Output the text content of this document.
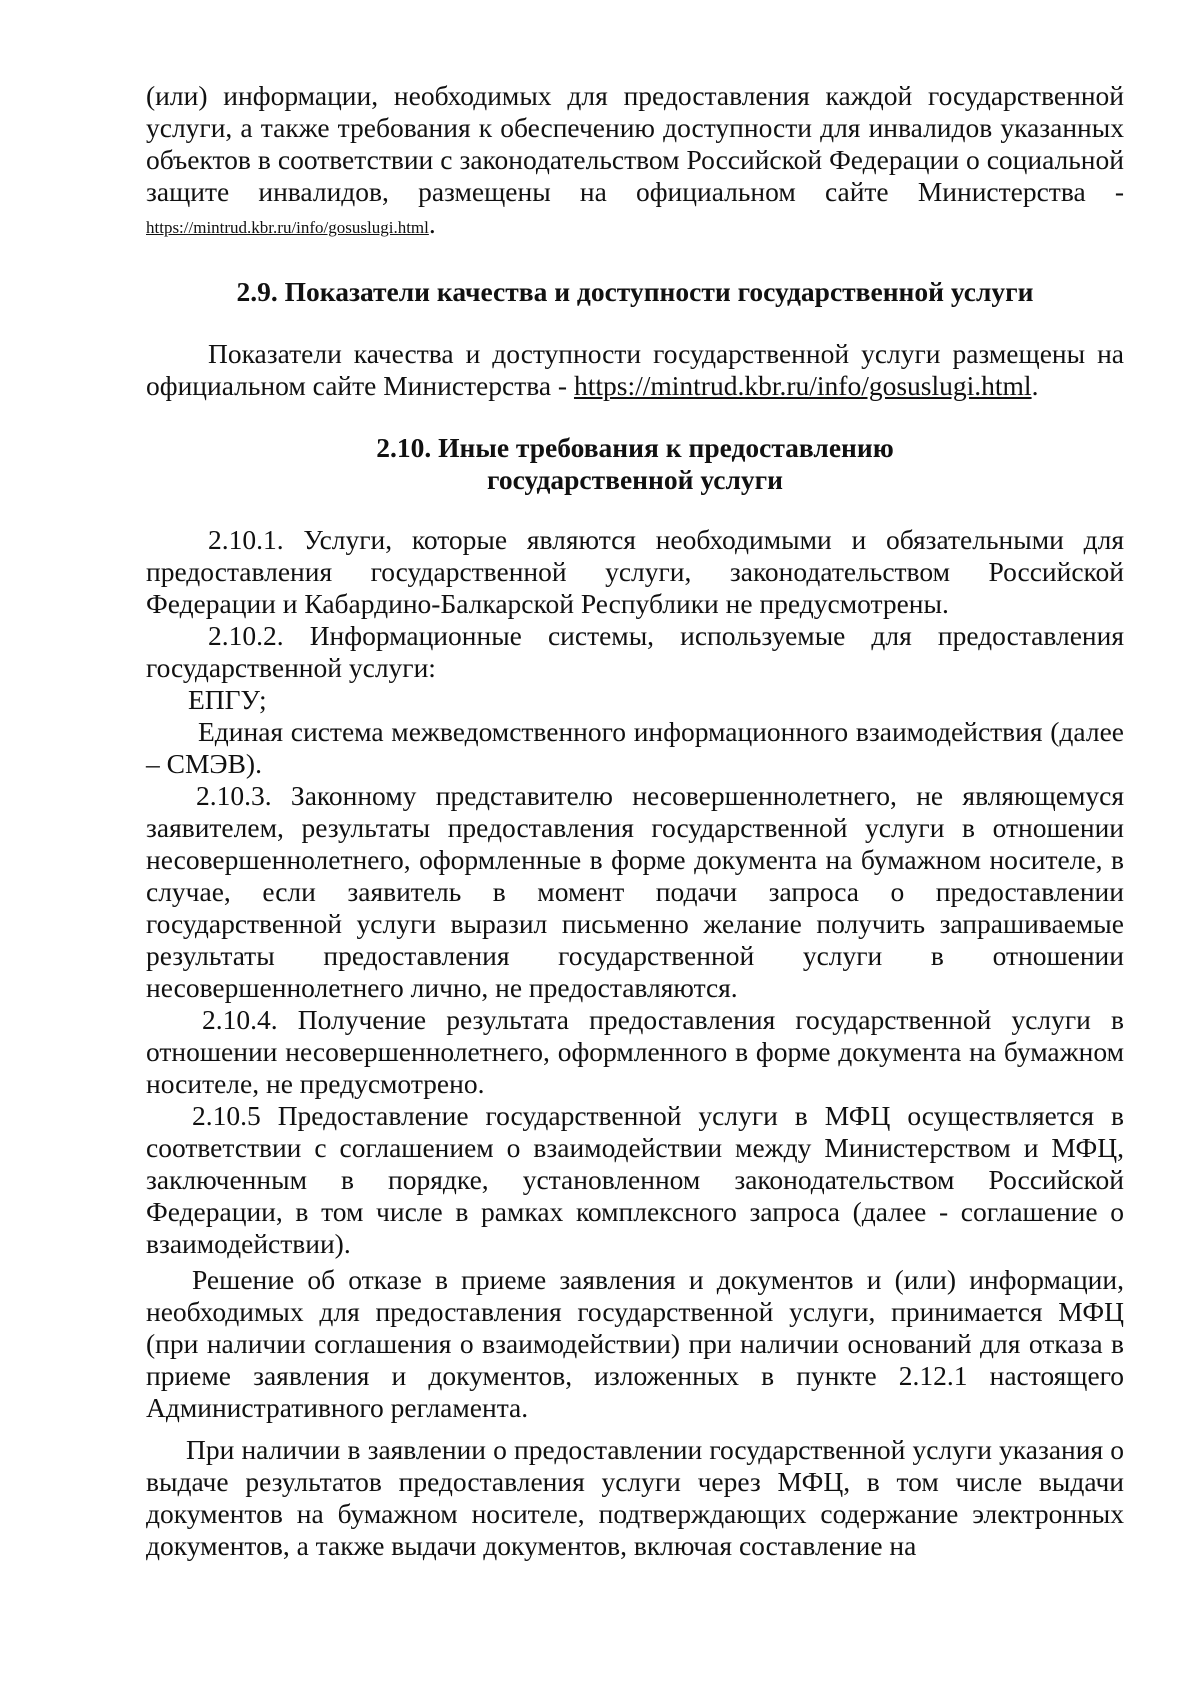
(или) информации, необходимых для предоставления каждой государственной услуги, а также требования к обеспечению доступности для инвалидов указанных объектов в соответствии с законодательством Российской Федерации о социальной защите инвалидов, размещены на официальном сайте Министерства - https://mintrud.kbr.ru/info/gosuslugi.html.

2.9. Показатели качества и доступности государственной услуги

Показатели качества и доступности государственной услуги размещены на официальном сайте Министерства - https://mintrud.kbr.ru/info/gosuslugi.html.

2.10. Иные требования к предоставлению
государственной услуги

2.10.1. Услуги, которые являются необходимыми и обязательными для предоставления государственной услуги, законодательством Российской Федерации и Кабардино-Балкарской Республики не предусмотрены.

2.10.2. Информационные системы, используемые для предоставления государственной услуги:

ЕПГУ;

Единая система межведомственного информационного взаимодействия (далее – СМЭВ).

2.10.3. Законному представителю несовершеннолетнего, не являющемуся заявителем, результаты предоставления государственной услуги в отношении несовершеннолетнего, оформленные в форме документа на бумажном носителе, в случае, если заявитель в момент подачи запроса о предоставлении государственной услуги выразил письменно желание получить запрашиваемые результаты предоставления государственной услуги в отношении несовершеннолетнего лично, не предоставляются.

2.10.4. Получение результата предоставления государственной услуги в отношении несовершеннолетнего, оформленного в форме документа на бумажном носителе, не предусмотрено.

2.10.5 Предоставление государственной услуги в МФЦ осуществляется в соответствии с соглашением о взаимодействии между Министерством и МФЦ, заключенным в порядке, установленном законодательством Российской Федерации, в том числе в рамках комплексного запроса (далее - соглашение о взаимодействии).

Решение об отказе в приеме заявления и документов и (или) информации, необходимых для предоставления государственной услуги, принимается МФЦ (при наличии соглашения о взаимодействии) при наличии оснований для отказа в приеме заявления и документов, изложенных в пункте 2.12.1 настоящего Административного регламента.

При наличии в заявлении о предоставлении государственной услуги указания о выдаче результатов предоставления услуги через МФЦ, в том числе выдачи документов на бумажном носителе, подтверждающих содержание электронных документов, а также выдачи документов, включая составление на
